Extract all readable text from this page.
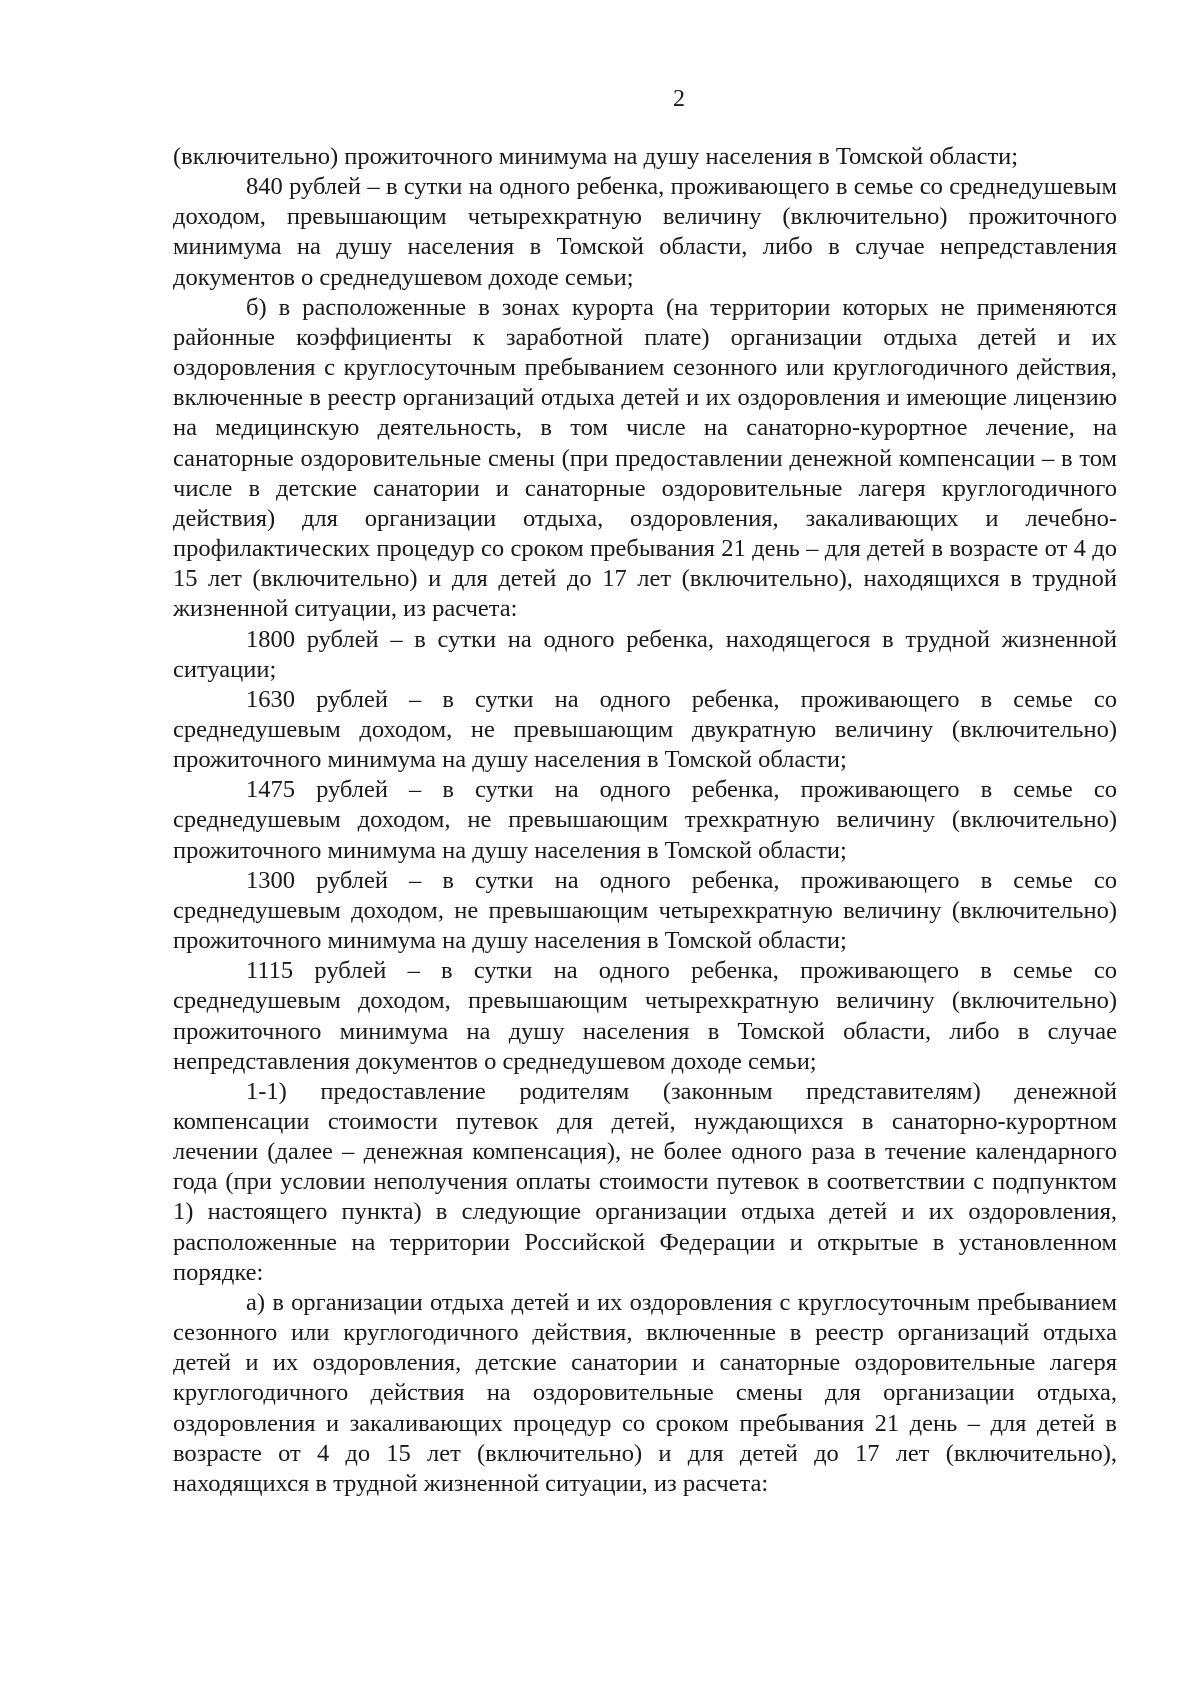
2

(включительно) прожиточного минимума на душу населения в Томской области;

840 рублей – в сутки на одного ребенка, проживающего в семье со среднедушевым доходом, превышающим четырехкратную величину (включительно) прожиточного минимума на душу населения в Томской области, либо в случае непредставления документов о среднедушевом доходе семьи;

б) в расположенные в зонах курорта (на территории которых не применяются районные коэффициенты к заработной плате) организации отдыха детей и их оздоровления с круглосуточным пребыванием сезонного или круглогодичного действия, включенные в реестр организаций отдыха детей и их оздоровления и имеющие лицензию на медицинскую деятельность, в том числе на санаторно-курортное лечение, на санаторные оздоровительные смены (при предоставлении денежной компенсации – в том числе в детские санатории и санаторные оздоровительные лагеря круглогодичного действия) для организации отдыха, оздоровления, закаливающих и лечебно-профилактических процедур со сроком пребывания 21 день – для детей в возрасте от 4 до 15 лет (включительно) и для детей до 17 лет (включительно), находящихся в трудной жизненной ситуации, из расчета:

1800 рублей – в сутки на одного ребенка, находящегося в трудной жизненной ситуации;

1630 рублей – в сутки на одного ребенка, проживающего в семье со среднедушевым доходом, не превышающим двукратную величину (включительно) прожиточного минимума на душу населения в Томской области;

1475 рублей – в сутки на одного ребенка, проживающего в семье со среднедушевым доходом, не превышающим трехкратную величину (включительно) прожиточного минимума на душу населения в Томской области;

1300 рублей – в сутки на одного ребенка, проживающего в семье со среднедушевым доходом, не превышающим четырехкратную величину (включительно) прожиточного минимума на душу населения в Томской области;

1115 рублей – в сутки на одного ребенка, проживающего в семье со среднедушевым доходом, превышающим четырехкратную величину (включительно) прожиточного минимума на душу населения в Томской области, либо в случае непредставления документов о среднедушевом доходе семьи;

1-1) предоставление родителям (законным представителям) денежной компенсации стоимости путевок для детей, нуждающихся в санаторно-курортном лечении (далее – денежная компенсация), не более одного раза в течение календарного года (при условии неполучения оплаты стоимости путевок в соответствии с подпунктом 1) настоящего пункта) в следующие организации отдыха детей и их оздоровления, расположенные на территории Российской Федерации и открытые в установленном порядке:

а) в организации отдыха детей и их оздоровления с круглосуточным пребыванием сезонного или круглогодичного действия, включенные в реестр организаций отдыха детей и их оздоровления, детские санатории и санаторные оздоровительные лагеря круглогодичного действия на оздоровительные смены для организации отдыха, оздоровления и закаливающих процедур со сроком пребывания 21 день – для детей в возрасте от 4 до 15 лет (включительно) и для детей до 17 лет (включительно), находящихся в трудной жизненной ситуации, из расчета:
